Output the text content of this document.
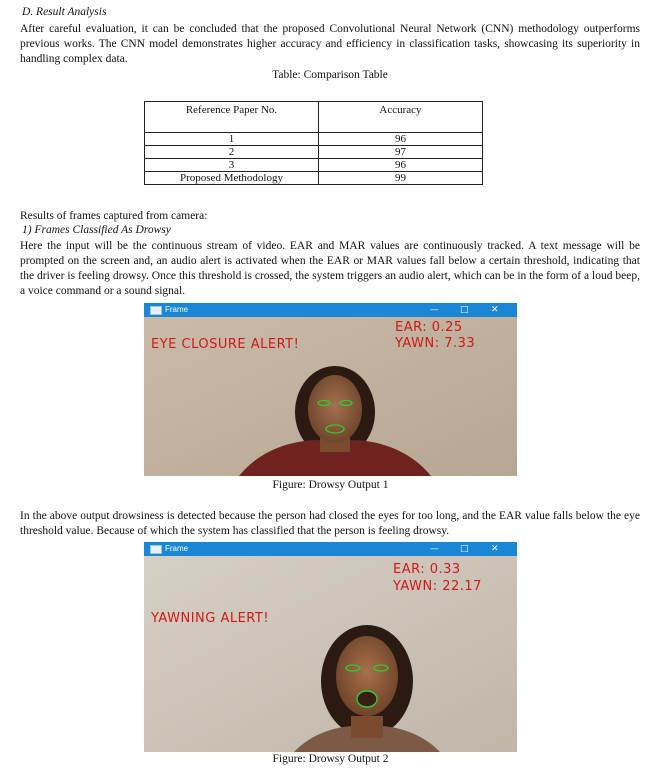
D. Result Analysis
After careful evaluation, it can be concluded that the proposed Convolutional Neural Network (CNN) methodology outperforms previous works. The CNN model demonstrates higher accuracy and efficiency in classification tasks, showcasing its superiority in handling complex data.
Table: Comparison Table
Reference Paper No.	Accuracy
1	96
2	97
3	96
Proposed Methodology	99
Results of frames captured from camera:
1) Frames Classified As Drowsy
Here the input will be the continuous stream of video. EAR and MAR values are continuously tracked. A text message will be prompted on the screen and, an audio alert is activated when the EAR or MAR values fall below a certain threshold, indicating that the driver is feeling drowsy. Once this threshold is crossed, the system triggers an audio alert, which can be in the form of a loud beep, a voice command or a sound signal.
Frame	— □ ✕
EYE CLOSURE ALERT!
EAR: 0.25
YAWN: 7.33
Figure: Drowsy Output 1
In the above output drowsiness is detected because the person had closed the eyes for too long, and the EAR value falls below the eye threshold value. Because of which the system has classified that the person is feeling drowsy.
Frame	— □ ✕
YAWNING ALERT!
EAR: 0.33
YAWN: 22.17
Figure: Drowsy Output 2
